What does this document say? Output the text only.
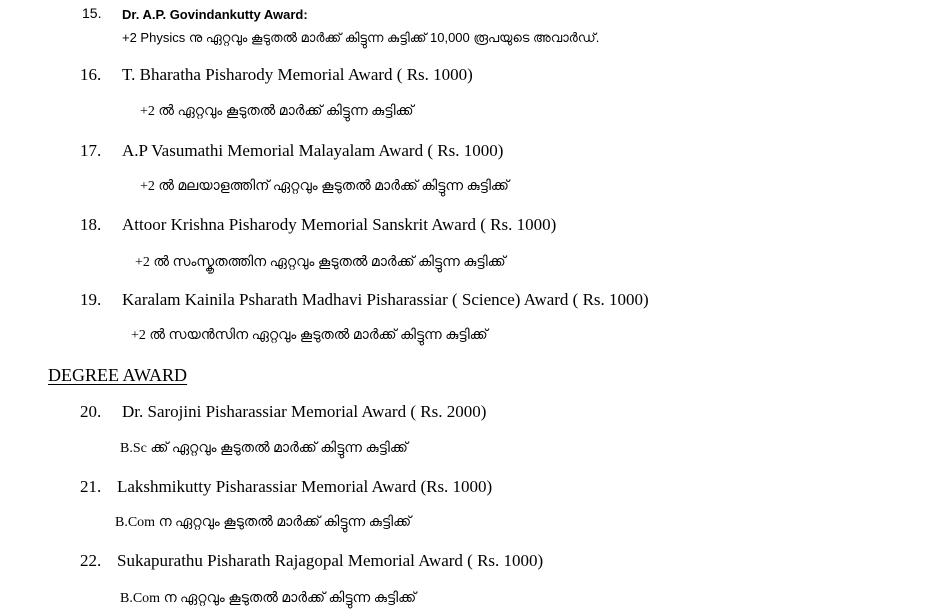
15. Dr. A.P. Govindankutty Award:
+2 Physics നു ഏറ്റവും കൂടുതൽ മാർക്ക് കിട്ടുന്ന കുട്ടിക്ക് 10,000 രൂപയുടെ അവാർഡ്.
16. T. Bharatha Pisharody Memorial Award ( Rs. 1000)
+2 ൽ ഏറ്റവും കൂടുതൽ മാർക്ക് കിട്ടുന്ന കുട്ടിക്ക്
17. A.P Vasumathi Memorial Malayalam Award ( Rs. 1000)
+2 ൽ മലയാളത്തിന് ഏറ്റവും കൂടുതൽ മാർക്ക് കിട്ടുന്ന കുട്ടിക്ക്
18. Attoor Krishna Pisharody Memorial Sanskrit Award ( Rs. 1000)
+2 ൽ സംസ്കൃതത്തിന ഏറ്റവും കൂടുതൽ മാർക്ക് കിട്ടുന്ന കുട്ടിക്ക്
19. Karalam Kainila Psharath Madhavi Pisharassiar ( Science) Award ( Rs. 1000)
+2 ൽ സയൻസിന ഏറ്റവും കൂടുതൽ മാർക്ക് കിട്ടുന്ന കുട്ടിക്ക്
DEGREE AWARD
20. Dr. Sarojini Pisharassiar Memorial Award ( Rs. 2000)
B.Sc ക്ക് ഏറ്റവും കൂടുതൽ മാർക്ക് കിട്ടുന്ന കുട്ടിക്ക്
21. Lakshmikutty Pisharassiar Memorial Award (Rs. 1000)
B.Com ന ഏറ്റവും കൂടുതൽ മാർക്ക് കിട്ടുന്ന കുട്ടിക്ക്
22. Sukapurathu Pisharath Rajagopal Memorial Award ( Rs. 1000)
B.Com ന ഏറ്റവും കൂടുതൽ മാർക്ക് കിട്ടുന്ന കുട്ടിക്ക്
